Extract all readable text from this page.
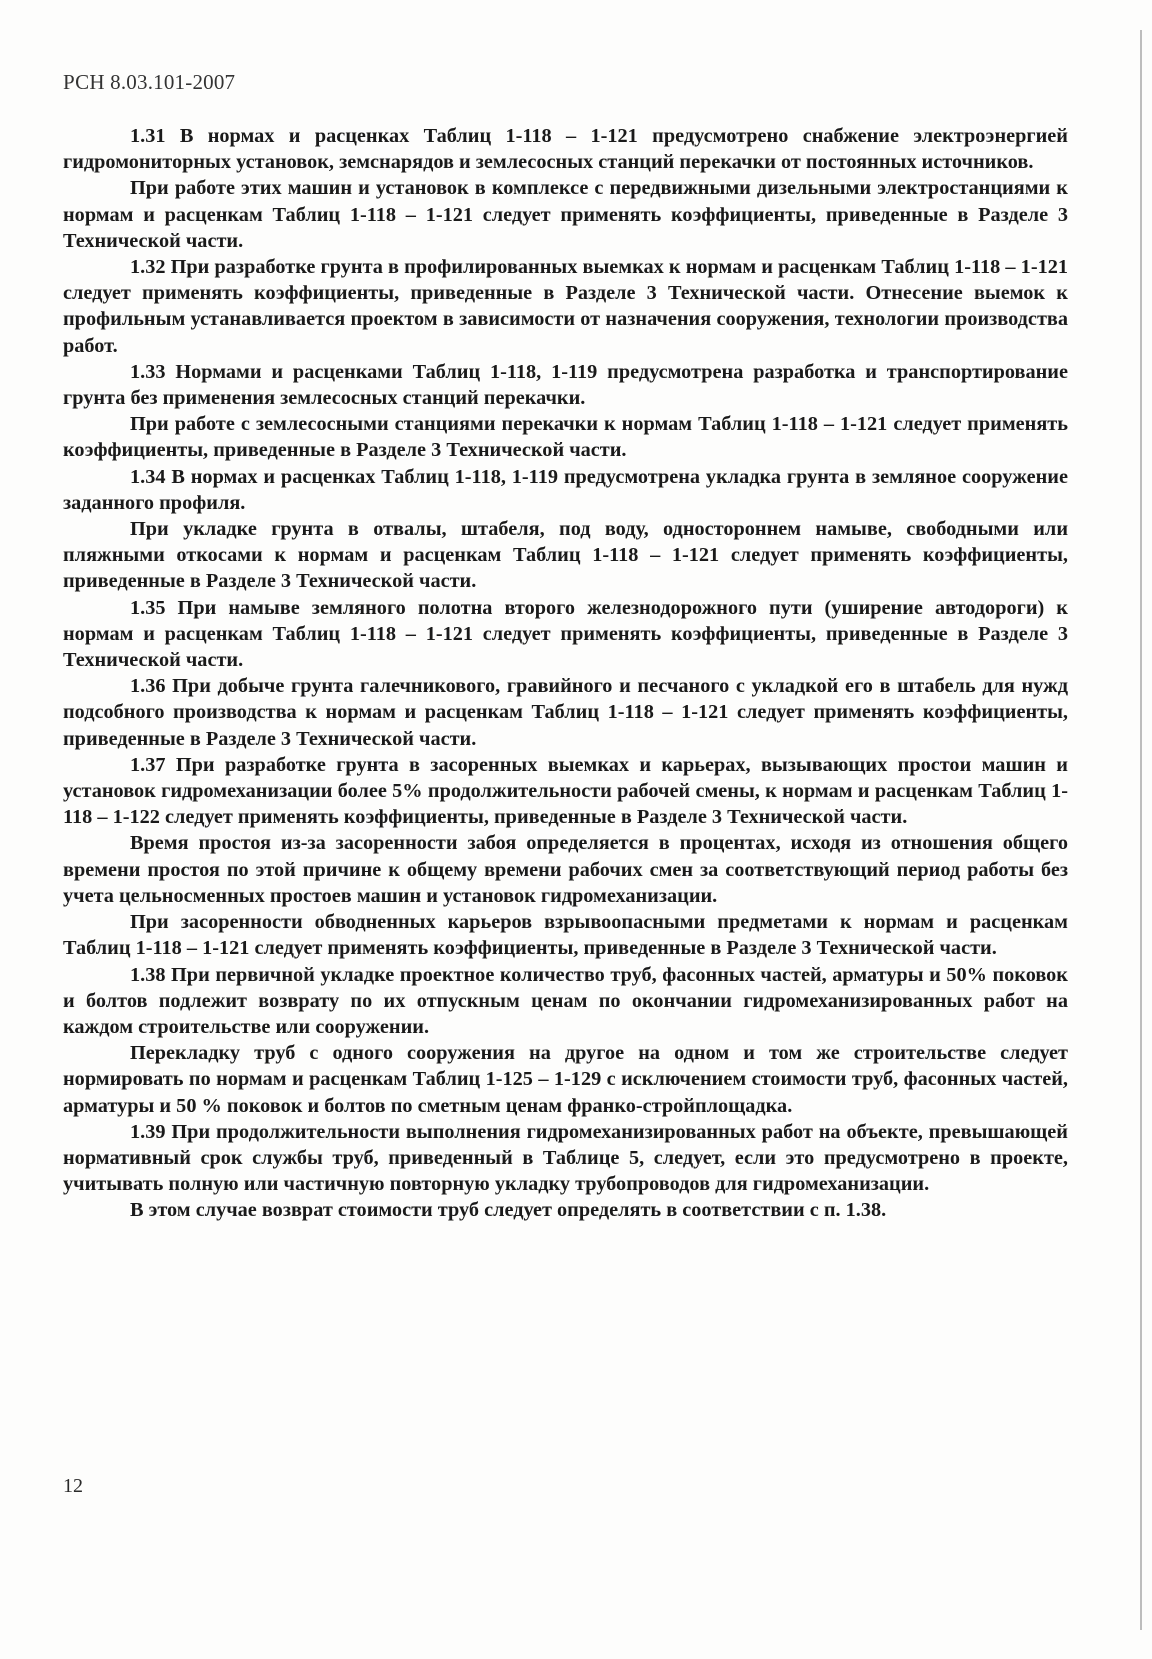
РСН 8.03.101-2007

1.31 В нормах и расценках Таблиц 1-118 – 1-121 предусмотрено снабжение электроэнергией гидромониторных установок, земснарядов и землесосных станций перекачки от постоянных источников.

При работе этих машин и установок в комплексе с передвижными дизельными электростанциями к нормам и расценкам Таблиц 1-118 – 1-121 следует применять коэффициенты, приведенные в Разделе 3 Технической части.

1.32 При разработке грунта в профилированных выемках к нормам и расценкам Таблиц 1-118 – 1-121 следует применять коэффициенты, приведенные в Разделе 3 Технической части. Отнесение выемок к профильным устанавливается проектом в зависимости от назначения сооружения, технологии производства работ.

1.33 Нормами и расценками Таблиц 1-118, 1-119 предусмотрена разработка и транспортирование грунта без применения землесосных станций перекачки.

При работе с землесосными станциями перекачки к нормам Таблиц 1-118 – 1-121 следует применять коэффициенты, приведенные в Разделе 3 Технической части.

1.34 В нормах и расценках Таблиц 1-118, 1-119 предусмотрена укладка грунта в земляное сооружение заданного профиля.

При укладке грунта в отвалы, штабеля, под воду, одностороннем намыве, свободными или пляжными откосами к нормам и расценкам Таблиц 1-118 – 1-121 следует применять коэффициенты, приведенные в Разделе 3 Технической части.

1.35 При намыве земляного полотна второго железнодорожного пути (уширение автодороги) к нормам и расценкам Таблиц 1-118 – 1-121 следует применять коэффициенты, приведенные в Разделе 3 Технической части.

1.36 При добыче грунта галечникового, гравийного и песчаного с укладкой его в штабель для нужд подсобного производства к нормам и расценкам Таблиц 1-118 – 1-121 следует применять коэффициенты, приведенные в Разделе 3 Технической части.

1.37 При разработке грунта в засоренных выемках и карьерах, вызывающих простои машин и установок гидромеханизации более 5% продолжительности рабочей смены, к нормам и расценкам Таблиц 1-118 – 1-122 следует применять коэффициенты, приведенные в Разделе 3 Технической части.

Время простоя из-за засоренности забоя определяется в процентах, исходя из отношения общего времени простоя по этой причине к общему времени рабочих смен за соответствующий период работы без учета цельносменных простоев машин и установок гидромеханизации.

При засоренности обводненных карьеров взрывоопасными предметами к нормам и расценкам Таблиц 1-118 – 1-121 следует применять коэффициенты, приведенные в Разделе 3 Технической части.

1.38 При первичной укладке проектное количество труб, фасонных частей, арматуры и 50% поковок и болтов подлежит возврату по их отпускным ценам по окончании гидромеханизированных работ на каждом строительстве или сооружении.

Перекладку труб с одного сооружения на другое на одном и том же строительстве следует нормировать по нормам и расценкам Таблиц 1-125 – 1-129 с исключением стоимости труб, фасонных частей, арматуры и 50 % поковок и болтов по сметным ценам франко-стройплощадка.

1.39 При продолжительности выполнения гидромеханизированных работ на объекте, превышающей нормативный срок службы труб, приведенный в Таблице 5, следует, если это предусмотрено в проекте, учитывать полную или частичную повторную укладку трубопроводов для гидромеханизации.

В этом случае возврат стоимости труб следует определять в соответствии с п. 1.38.

12
